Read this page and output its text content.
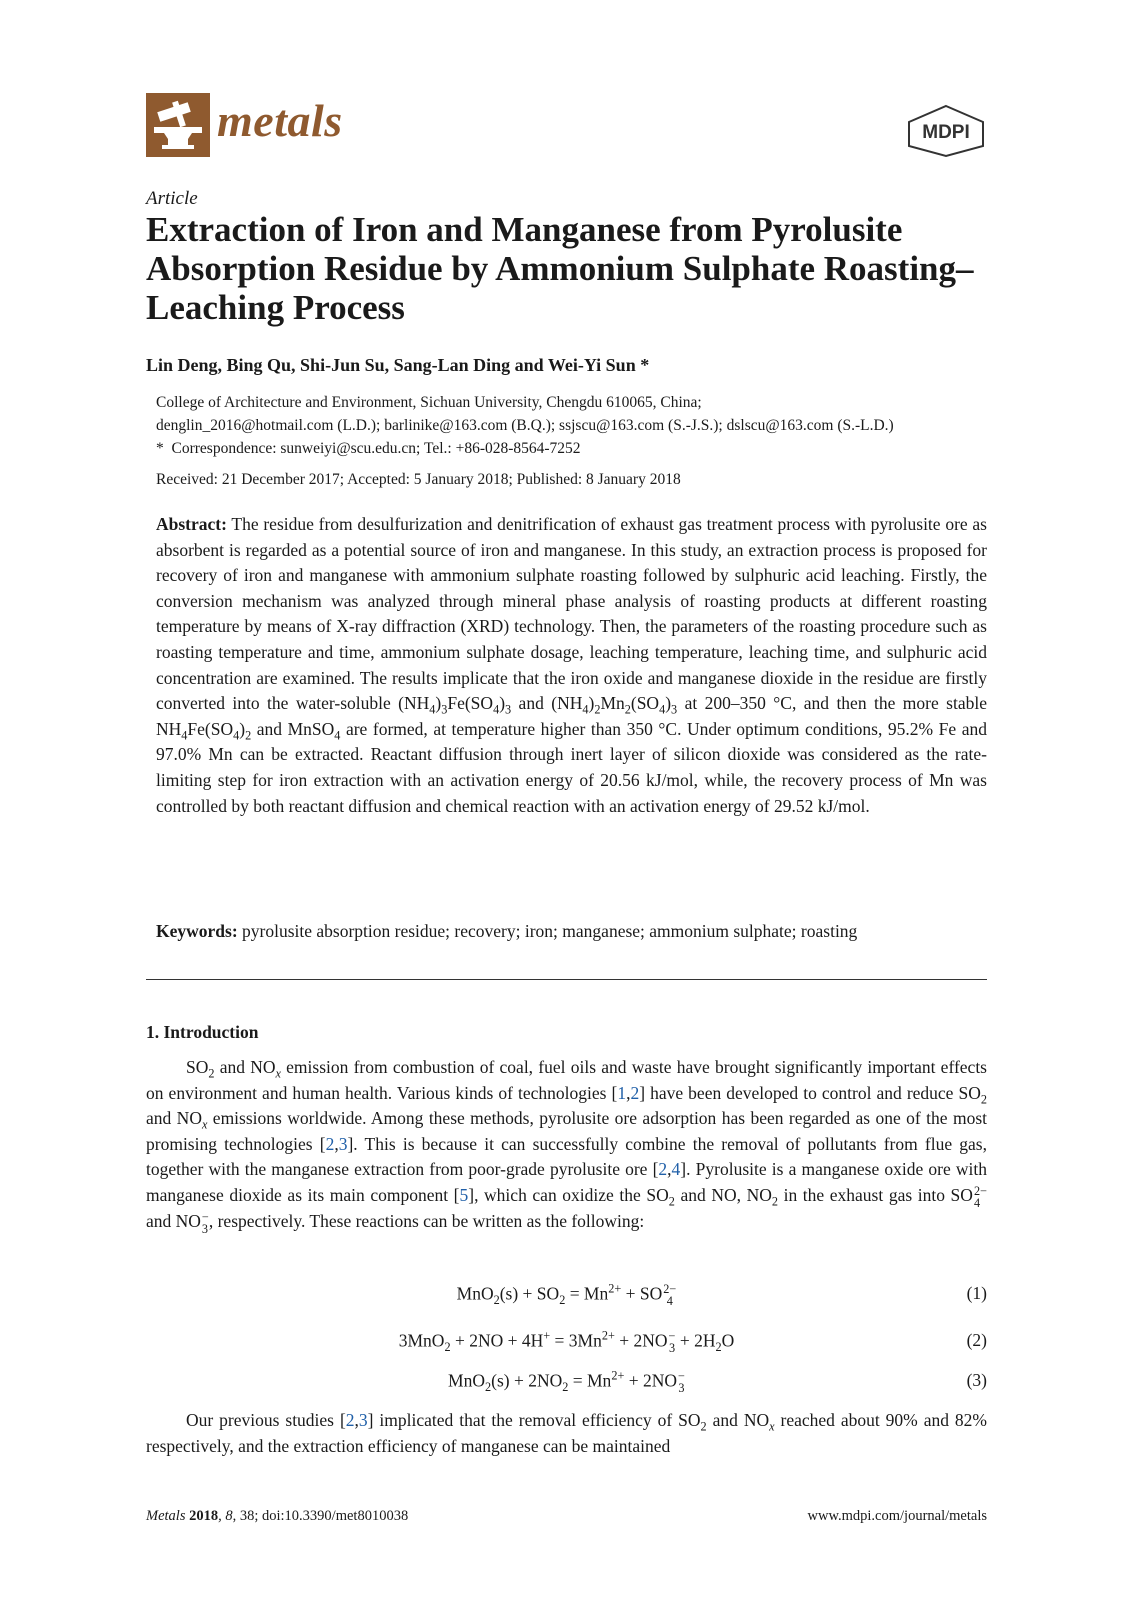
metals	MDPI
Article
Extraction of Iron and Manganese from Pyrolusite Absorption Residue by Ammonium Sulphate Roasting–Leaching Process
Lin Deng, Bing Qu, Shi-Jun Su, Sang-Lan Ding and Wei-Yi Sun *
College of Architecture and Environment, Sichuan University, Chengdu 610065, China;
denglin_2016@hotmail.com (L.D.); barlinike@163.com (B.Q.); ssjscu@163.com (S.-J.S.); dslscu@163.com (S.-L.D.)
* Correspondence: sunweiyi@scu.edu.cn; Tel.: +86-028-8564-7252
Received: 21 December 2017; Accepted: 5 January 2018; Published: 8 January 2018
Abstract: The residue from desulfurization and denitrification of exhaust gas treatment process with pyrolusite ore as absorbent is regarded as a potential source of iron and manganese. In this study, an extraction process is proposed for recovery of iron and manganese with ammonium sulphate roasting followed by sulphuric acid leaching. Firstly, the conversion mechanism was analyzed through mineral phase analysis of roasting products at different roasting temperature by means of X-ray diffraction (XRD) technology. Then, the parameters of the roasting procedure such as roasting temperature and time, ammonium sulphate dosage, leaching temperature, leaching time, and sulphuric acid concentration are examined. The results implicate that the iron oxide and manganese dioxide in the residue are firstly converted into the water-soluble $(NH_4)_3Fe(SO_4)_3$ and $(NH_4)_2Mn_2(SO_4)_3$ at 200–350 °C, and then the more stable $NH_4Fe(SO_4)_2$ and MnSO$_4$ are formed, at temperature higher than 350 °C. Under optimum conditions, 95.2% Fe and 97.0% Mn can be extracted. Reactant diffusion through inert layer of silicon dioxide was considered as the rate-limiting step for iron extraction with an activation energy of 20.56 kJ/mol, while, the recovery process of Mn was controlled by both reactant diffusion and chemical reaction with an activation energy of 29.52 kJ/mol.
Keywords: pyrolusite absorption residue; recovery; iron; manganese; ammonium sulphate; roasting
1. Introduction
$SO_2$ and $NO_x$ emission from combustion of coal, fuel oils and waste have brought significantly important effects on environment and human health. Various kinds of technologies [1,2] have been developed to control and reduce $SO_2$ and $NO_x$ emissions worldwide. Among these methods, pyrolusite ore adsorption has been regarded as one of the most promising technologies [2,3]. This is because it can successfully combine the removal of pollutants from flue gas, together with the manganese extraction from poor-grade pyrolusite ore [2,4]. Pyrolusite is a manganese oxide ore with manganese dioxide as its main component [5], which can oxidize the $SO_2$ and NO, $NO_2$ in the exhaust gas into SO 2−
4
and NO −
3 , respectively. These reactions can be written as the following:
$MnO_2(s) + SO_2 = Mn^{2+}$ + SO 2−
4	(1)
$3MnO_2 + 2NO + 4H^+ = 3Mn^{2+} + 2NO$ −
$3 + 2H_2O$	(2)
$MnO_2(s) + 2NO_2 = Mn^{2+} + 2NO$ −
3	(3)
Our previous studies [2,3] implicated that the removal efficiency of $SO_2$ and $NO_x$ reached about 90% and 82% respectively, and the extraction efficiency of manganese can be maintained
Metals 2018, 8, 38; doi:10.3390/met8010038	www.mdpi.com/journal/metals
